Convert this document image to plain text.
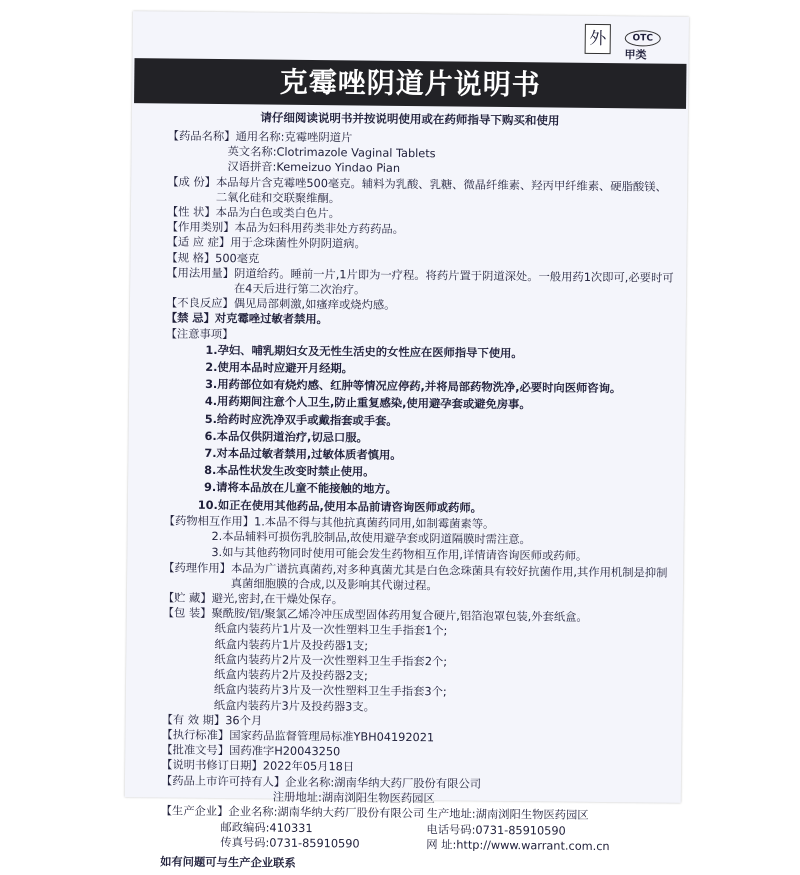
外	OTC
甲类
克霉唑阴道片说明书
请仔细阅读说明书并按说明使用或在药师指导下购买和使用
【药品名称】 通用名称:克霉唑阴道片
英文名称:Clotrimazole Vaginal Tablets
汉语拼音:Kemeizuo Yindao Pian
【成 份】 本品每片含克霉唑500毫克。辅料为乳酸、乳糖、微晶纤维素、羟丙甲纤维素、硬脂酸镁、二氧化硅和交联聚维酮。
【性 状】 本品为白色或类白色片。
【作用类别】 本品为妇科用药类非处方药药品。
【适 应 症】 用于念珠菌性外阴阴道病。
【规 格】 500毫克
【用法用量】 阴道给药。睡前一片,1片即为一疗程。将药片置于阴道深处。一般用药1次即可,必要时可在4天后进行第二次治疗。
【不良反应】 偶见局部刺激,如瘙痒或烧灼感。
【禁 忌】 对克霉唑过敏者禁用。
【注意事项】
1.孕妇、哺乳期妇女及无性生活史的女性应在医师指导下使用。
2.使用本品时应避开月经期。
3.用药部位如有烧灼感、红肿等情况应停药,并将局部药物洗净,必要时向医师咨询。
4.用药期间注意个人卫生,防止重复感染,使用避孕套或避免房事。
5.给药时应洗净双手或戴指套或手套。
6.本品仅供阴道治疗,切忌口服。
7.对本品过敏者禁用,过敏体质者慎用。
8.本品性状发生改变时禁止使用。
9.请将本品放在儿童不能接触的地方。
10.如正在使用其他药品,使用本品前请咨询医师或药师。
【药物相互作用】 1.本品不得与其他抗真菌药同用,如制霉菌素等。
2.本品辅料可损伤乳胶制品,故使用避孕套或阴道隔膜时需注意。
3.如与其他药物同时使用可能会发生药物相互作用,详情请咨询医师或药师。
【药理作用】 本品为广谱抗真菌药,对多种真菌尤其是白色念珠菌具有较好抗菌作用,其作用机制是抑制真菌细胞膜的合成,以及影响其代谢过程。
【贮 藏】 避光,密封,在干燥处保存。
【包 装】 聚酰胺/铝/聚氯乙烯冷冲压成型固体药用复合硬片,铝箔泡罩包装,外套纸盒。
纸盒内装药片1片及一次性塑料卫生手指套1个;
纸盒内装药片1片及投药器1支;
纸盒内装药片2片及一次性塑料卫生手指套2个;
纸盒内装药片2片及投药器2支;
纸盒内装药片3片及一次性塑料卫生手指套3个;
纸盒内装药片3片及投药器3支。
【有 效 期】 36个月
【执行标准】 国家药品监督管理局标准YBH04192021
【批准文号】 国药准字H20043250
【说明书修订日期】 2022年05月18日
【药品上市许可持有人】 企业名称:湖南华纳大药厂股份有限公司
注册地址:湖南浏阳生物医药园区
【生产企业】企业名称:湖南华纳大药厂股份有限公司 生产地址:湖南浏阳生物医药园区
邮政编码:410331	电话号码:0731-85910590
传真号码:0731-85910590	网 址:http://www.warrant.com.cn
如有问题可与生产企业联系
